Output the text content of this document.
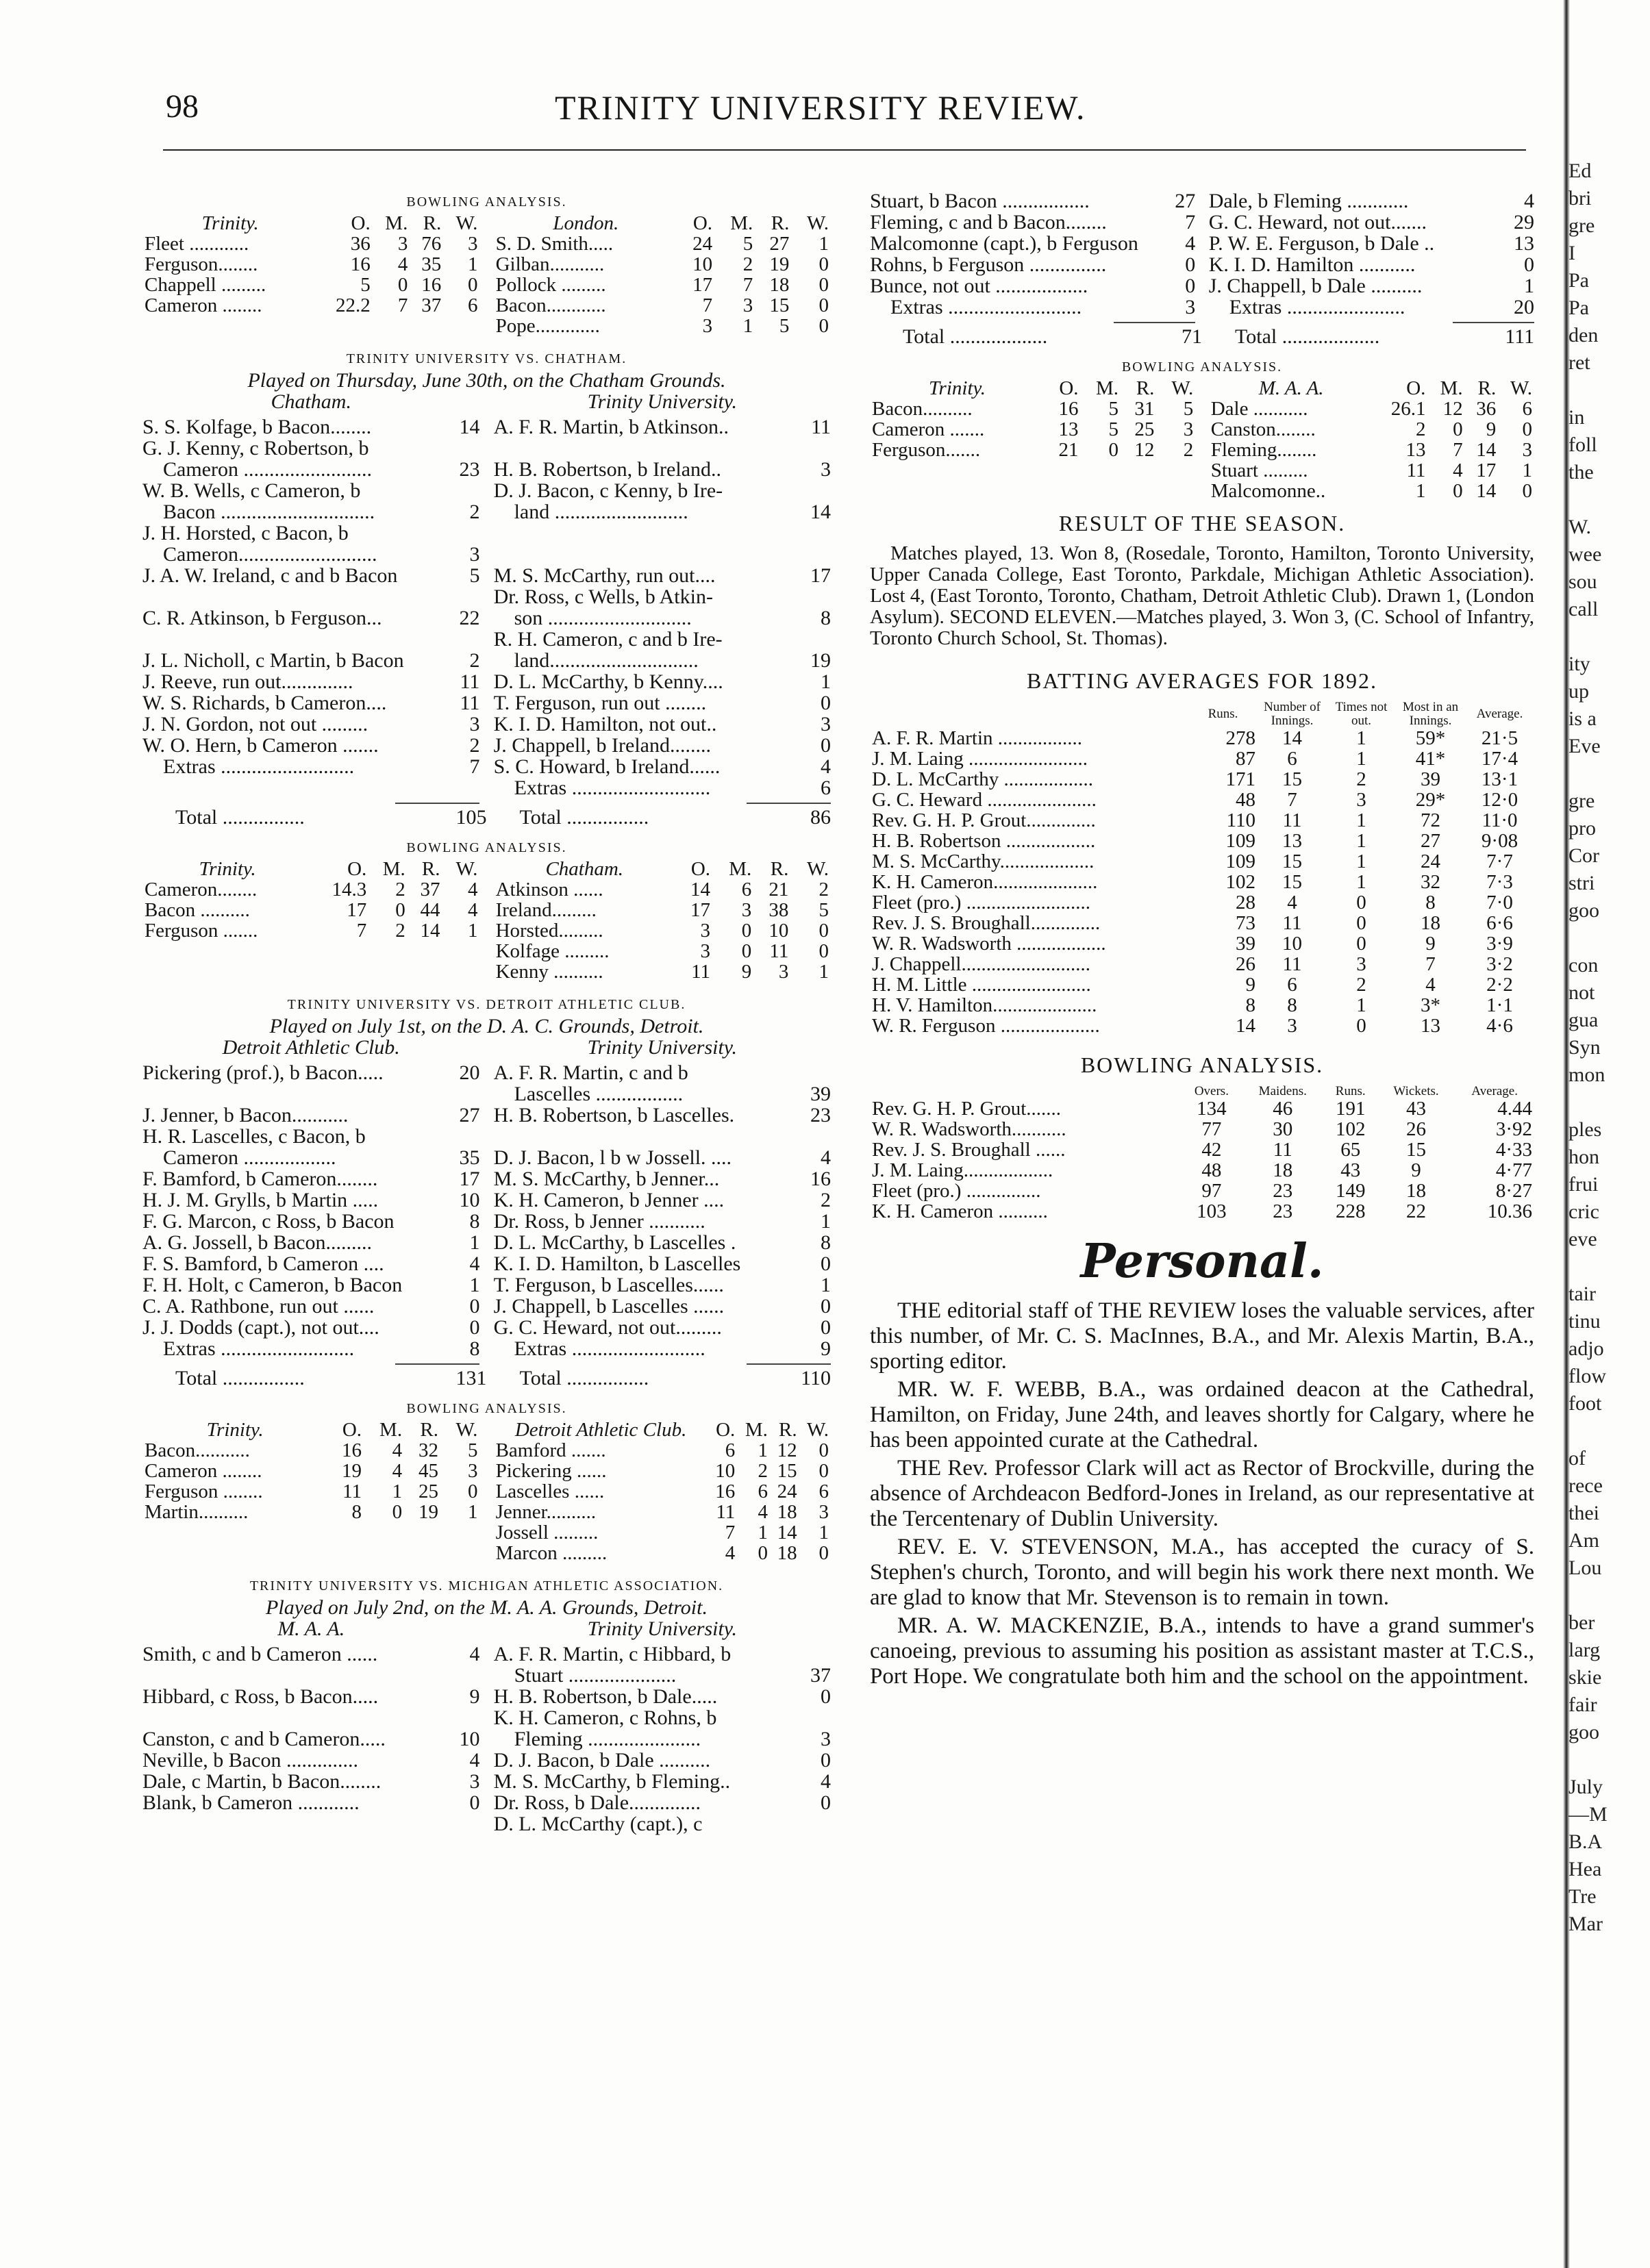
98	TRINITY UNIVERSITY REVIEW.
BOWLING ANALYSIS.
Trinity.	O.	M.	R.	W.
Fleet ............	36	3	76	3
Ferguson........	16	4	35	1
Chappell .........	5	0	16	0
Cameron ........	22.2	7	37	6
London.	O.	M.	R.	W.
S. D. Smith.....	24	5	27	1
Gilban...........	10	2	19	0
Pollock .........	17	7	18	0
Bacon............	7	3	15	0
Pope.............	3	1	5	0
TRINITY UNIVERSITY VS. CHATHAM.
Played on Thursday, June 30th, on the Chatham Grounds.
Chatham.	Trinity University.
S. S. Kolfage, b Bacon........	14
G. J. Kenny, c Robertson, b
Cameron .........................	23
W. B. Wells, c Cameron, b
Bacon ..............................	2
J. H. Horsted, c Bacon, b
Cameron...........................	3
J. A. W. Ireland, c and b Bacon	5

C. R. Atkinson, b Ferguson...	22

J. L. Nicholl, c Martin, b Bacon	2
J. Reeve, run out..............	11
W. S. Richards, b Cameron....	11
J. N. Gordon, not out .........	3
W. O. Hern, b Cameron .......	2
Extras ..........................	7
A. F. R. Martin, b Atkinson..	11

H. B. Robertson, b Ireland..	3
D. J. Bacon, c Kenny, b Ire-
land ..........................	14

M. S. McCarthy, run out....	17
Dr. Ross, c Wells, b Atkin-
son ............................	8
R. H. Cameron, c and b Ire-
land.............................	19
D. L. McCarthy, b Kenny....	1
T. Ferguson, run out ........	0
K. I. D. Hamilton, not out..	3
J. Chappell, b Ireland........	0
S. C. Howard, b Ireland......	4
Extras ...........................	6
Total ................	105 Total ................	86
BOWLING ANALYSIS.
Trinity.	O.	M.	R.	W.
Cameron........	14.3	2	37	4
Bacon ..........	17	0	44	4
Ferguson .......	7	2	14	1
Chatham.	O.	M.	R.	W.
Atkinson ......	14	6	21	2
Ireland.........	17	3	38	5
Horsted.........	3	0	10	0
Kolfage .........	3	0	11	0
Kenny ..........	11	9	3	1
TRINITY UNIVERSITY VS. DETROIT ATHLETIC CLUB.
Played on July 1st, on the D. A. C. Grounds, Detroit.
Detroit Athletic Club.	Trinity University.
Pickering (prof.), b Bacon.....	20

J. Jenner, b Bacon...........	27
H. R. Lascelles, c Bacon, b
Cameron ..................	35
F. Bamford, b Cameron........	17
H. J. M. Grylls, b Martin .....	10
F. G. Marcon, c Ross, b Bacon	8
A. G. Jossell, b Bacon.........	1
F. S. Bamford, b Cameron ....	4
F. H. Holt, c Cameron, b Bacon	1
C. A. Rathbone, run out ......	0
J. J. Dodds (capt.), not out....	0
Extras ..........................	8
A. F. R. Martin, c and b
Lascelles .................	39
H. B. Robertson, b Lascelles.	23

D. J. Bacon, l b w Jossell. ....	4
M. S. McCarthy, b Jenner...	16
K. H. Cameron, b Jenner ....	2
Dr. Ross, b Jenner ...........	1
D. L. McCarthy, b Lascelles .	8
K. I. D. Hamilton, b Lascelles	0
T. Ferguson, b Lascelles......	1
J. Chappell, b Lascelles ......	0
G. C. Heward, not out.........	0
Extras ..........................	9
Total ................	131 Total ................	110
BOWLING ANALYSIS.
Trinity.	O.	M.	R.	W.
Bacon...........	16	4	32	5
Cameron ........	19	4	45	3
Ferguson ........	11	1	25	0
Martin..........	8	0	19	1
Detroit Athletic Club.	O.	M.	R.	W.
Bamford .......	6	1	12	0
Pickering ......	10	2	15	0
Lascelles ......	16	6	24	6
Jenner..........	11	4	18	3
Jossell .........	7	1	14	1
Marcon .........	4	0	18	0
TRINITY UNIVERSITY VS. MICHIGAN ATHLETIC ASSOCIATION.
Played on July 2nd, on the M. A. A. Grounds, Detroit.
M. A. A.	Trinity University.
Smith, c and b Cameron ......	4

Hibbard, c Ross, b Bacon.....	9

Canston, c and b Cameron.....	10
Neville, b Bacon ..............	4
Dale, c Martin, b Bacon........	3
Blank, b Cameron ............	0
A. F. R. Martin, c Hibbard, b
Stuart .....................	37
H. B. Robertson, b Dale.....	0
K. H. Cameron, c Rohns, b
Fleming ......................	3
D. J. Bacon, b Dale ..........	0
M. S. McCarthy, b Fleming..	4
Dr. Ross, b Dale..............	0
D. L. McCarthy (capt.), c
Stuart, b Bacon .................	27
Fleming, c and b Bacon........	7
Malcomonne (capt.), b Ferguson 4
Rohns, b Ferguson ...............	0
Bunce, not out ..................	0
Extras ..........................	3
Dale, b Fleming ............	4
G. C. Heward, not out.......	29
P. W. E. Ferguson, b Dale ..	13
K. I. D. Hamilton ...........	0
J. Chappell, b Dale ..........	1
Extras .......................	20
Total ...................	71 Total ...................	111
BOWLING ANALYSIS.
Trinity.	O.	M.	R.	W.
Bacon..........	16	5	31	5
Cameron .......	13	5	25	3
Ferguson.......	21	0	12	2
M. A. A.	O.	M.	R.	W.
Dale ...........	26.1	12	36	6
Canston........	2	0	9	0
Fleming........	13	7	14	3
Stuart .........	11	4	17	1
Malcomonne..	1	0	14	0
RESULT OF THE SEASON.
Matches played, 13. Won 8, (Rosedale, Toronto, Hamilton, Toronto University, Upper Canada College, East Toronto, Parkdale, Michigan Athletic Association). Lost 4, (East Toronto, Toronto, Chatham, Detroit Athletic Club). Drawn 1, (London Asylum). SECOND ELEVEN.—Matches played, 3. Won 3, (C. School of Infantry, Toronto Church School, St. Thomas).
BATTING AVERAGES FOR 1892.
	Runs.	Number of Innings.	Times not out.	Most in an Innings.	Average.
A. F. R. Martin .................	278	14	1	59*	21·5
J. M. Laing ........................	87	6	1	41*	17·4
D. L. McCarthy ..................	171	15	2	39	13·1
G. C. Heward ......................	48	7	3	29*	12·0
Rev. G. H. P. Grout..............	110	11	1	72	11·0
H. B. Robertson ..................	109	13	1	27	9·08
M. S. McCarthy...................	109	15	1	24	7·7
K. H. Cameron.....................	102	15	1	32	7·3
Fleet (pro.) .........................	28	4	0	8	7·0
Rev. J. S. Broughall..............	73	11	0	18	6·6
W. R. Wadsworth ..................	39	10	0	9	3·9
J. Chappell..........................	26	11	3	7	3·2
H. M. Little ........................	9	6	2	4	2·2
H. V. Hamilton.....................	8	8	1	3*	1·1
W. R. Ferguson ....................	14	3	0	13	4·6
BOWLING ANALYSIS.
	Overs.	Maidens.	Runs.	Wickets.	Average.
Rev. G. H. P. Grout.......	134	46	191	43	4.44
W. R. Wadsworth...........	77	30	102	26	3·92
Rev. J. S. Broughall ......	42	11	65	15	4·33
J. M. Laing..................	48	18	43	9	4·77
Fleet (pro.) ...............	97	23	149	18	8·27
K. H. Cameron ..........	103	23	228	22	10.36
Personal.

THE editorial staff of THE REVIEW loses the valuable services, after this number, of Mr. C. S. MacInnes, B.A., and Mr. Alexis Martin, B.A., sporting editor.

MR. W. F. WEBB, B.A., was ordained deacon at the Cathedral, Hamilton, on Friday, June 24th, and leaves shortly for Calgary, where he has been appointed curate at the Cathedral.

THE Rev. Professor Clark will act as Rector of Brockville, during the absence of Archdeacon Bedford-Jones in Ireland, as our representative at the Tercentenary of Dublin University.

REV. E. V. STEVENSON, M.A., has accepted the curacy of S. Stephen's church, Toronto, and will begin his work there next month. We are glad to know that Mr. Stevenson is to remain in town.

MR. A. W. MACKENZIE, B.A., intends to have a grand summer's canoeing, previous to assuming his position as assistant master at T.C.S., Port Hope. We congratulate both him and the school on the appointment.

Ed
bri
gre
I
Pa
Pa
den
ret

in
foll
the

W.
wee
sou
call

ity
up
is a
Eve

gre
pro
Cor
stri
goo

con
not
gua
Syn
mon

ples
hon
frui
cric
eve

tair
tinu
adjo
flow
foot

of
rece
thei
Am
Lou

ber
larg
skie
fair
goo

July
—M
B.A
Hea
Tre
Mar
